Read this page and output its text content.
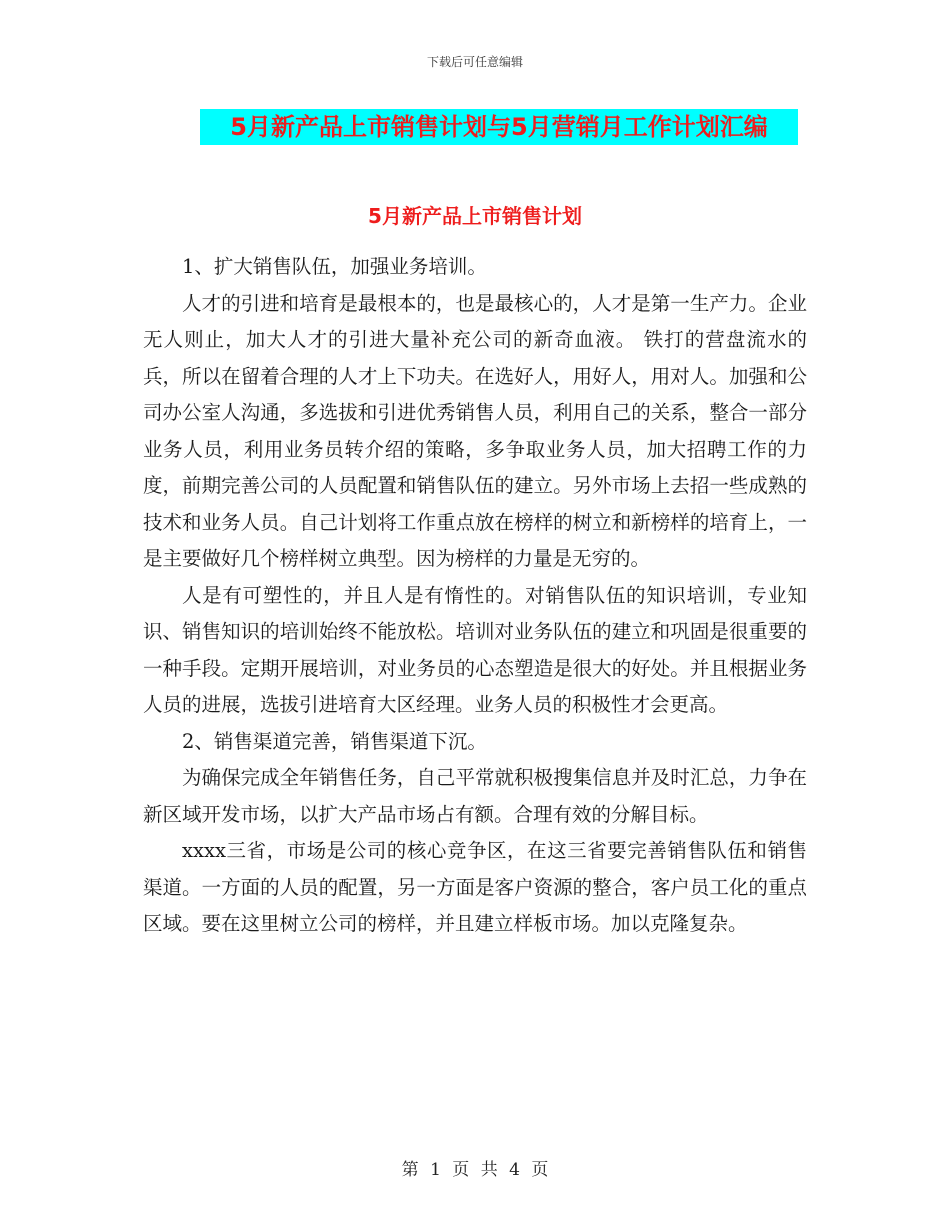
下载后可任意编辑
5月新产品上市销售计划与5月营销月工作计划汇编
5月新产品上市销售计划

1、扩大销售队伍，加强业务培训。

人才的引进和培育是最根本的，也是最核心的，人才是第一生产力。企业无人则止，加大人才的引进大量补充公司的新奇血液。 铁打的营盘流水的兵，所以在留着合理的人才上下功夫。在选好人，用好人，用对人。加强和公司办公室人沟通，多选拔和引进优秀销售人员，利用自己的关系，整合一部分业务人员，利用业务员转介绍的策略，多争取业务人员，加大招聘工作的力度，前期完善公司的人员配置和销售队伍的建立。另外市场上去招一些成熟的技术和业务人员。自己计划将工作重点放在榜样的树立和新榜样的培育上，一是主要做好几个榜样树立典型。因为榜样的力量是无穷的。

人是有可塑性的，并且人是有惰性的。对销售队伍的知识培训，专业知识、销售知识的培训始终不能放松。培训对业务队伍的建立和巩固是很重要的一种手段。定期开展培训，对业务员的心态塑造是很大的好处。并且根据业务人员的进展，选拔引进培育大区经理。业务人员的积极性才会更高。

2、销售渠道完善，销售渠道下沉。

为确保完成全年销售任务，自己平常就积极搜集信息并及时汇总，力争在新区域开发市场，以扩大产品市场占有额。合理有效的分解目标。

xxxx三省，市场是公司的核心竞争区，在这三省要完善销售队伍和销售渠道。一方面的人员的配置，另一方面是客户资源的整合，客户员工化的重点区域。要在这里树立公司的榜样，并且建立样板市场。加以克隆复杂。

第 1 页 共 4 页
